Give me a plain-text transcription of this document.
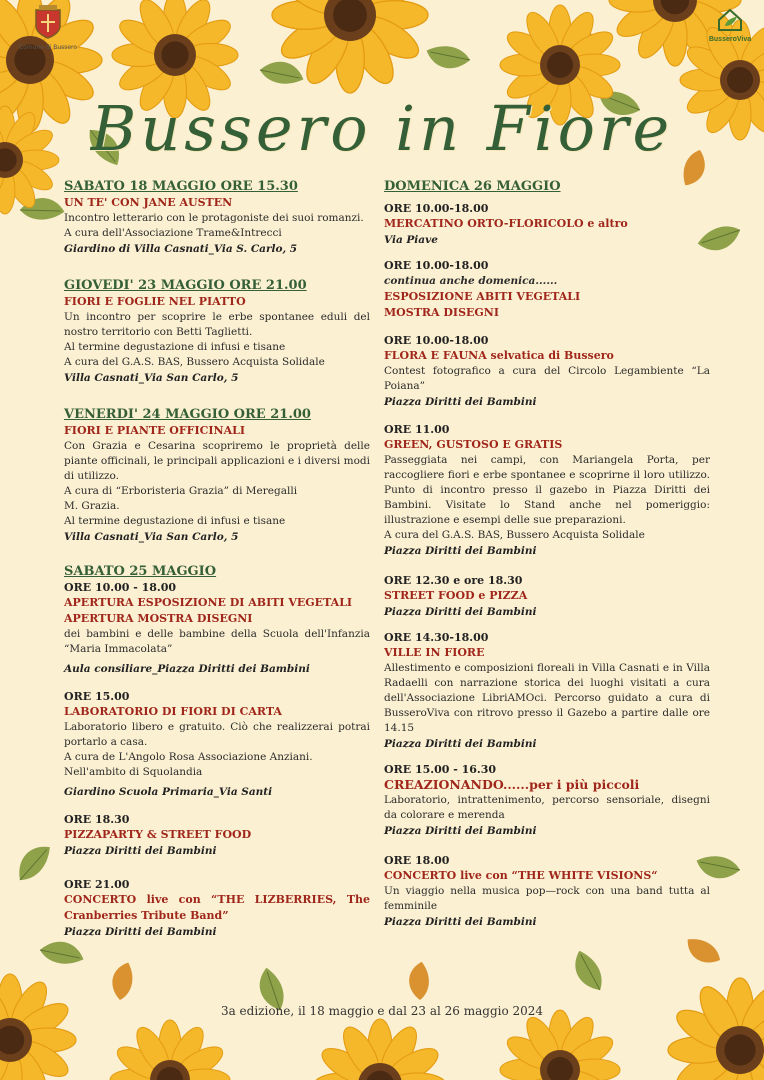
Comune di Bussero
BusseroViva
Bussero in Fiore

SABATO 18 MAGGIO ORE 15.30

UN TE' CON JANE AUSTEN

Incontro letterario con le protagoniste dei suoi romanzi.

A cura dell'Associazione Trame&Intrecci

Giardino di Villa Casnati_Via S. Carlo, 5

GIOVEDI' 23 MAGGIO ORE 21.00

FIORI E FOGLIE NEL PIATTO

Un incontro per scoprire le erbe spontanee eduli del nostro territorio con Betti Taglietti.

Al termine degustazione di infusi e tisane

A cura del G.A.S. BAS, Bussero Acquista Solidale

Villa Casnati_Via San Carlo, 5

VENERDI' 24 MAGGIO ORE 21.00

FIORI E PIANTE OFFICINALI

Con Grazia e Cesarina scopriremo le proprietà delle piante officinali, le principali applicazioni e i diversi modi di utilizzo.

A cura di “Erboristeria Grazia” di Meregalli

M. Grazia.

Al termine degustazione di infusi e tisane

Villa Casnati_Via San Carlo, 5

SABATO 25 MAGGIO

ORE 10.00 - 18.00

APERTURA ESPOSIZIONE DI ABITI VEGETALI

APERTURA MOSTRA DISEGNI

dei bambini e delle bambine della Scuola dell'Infanzia “Maria Immacolata”

Aula consiliare_Piazza Diritti dei Bambini

ORE 15.00

LABORATORIO DI FIORI DI CARTA

Laboratorio libero e gratuito. Ciò che realizzerai potrai portarlo a casa.

A cura de L'Angolo Rosa Associazione Anziani.

Nell'ambito di Squolandia

Giardino Scuola Primaria_Via Santi

ORE 18.30

PIZZAPARTY & STREET FOOD

Piazza Diritti dei Bambini

ORE 21.00

CONCERTO live con “THE LIZBERRIES, The Cranberries Tribute Band”

Piazza Diritti dei Bambini

DOMENICA 26 MAGGIO

ORE 10.00-18.00

MERCATINO ORTO-FLORICOLO e altro

Via Piave

ORE 10.00-18.00

continua anche domenica......

ESPOSIZIONE ABITI VEGETALI

MOSTRA DISEGNI

ORE 10.00-18.00

FLORA E FAUNA selvatica di Bussero

Contest fotografico a cura del Circolo Legambiente “La Poiana”

Piazza Diritti dei Bambini

ORE 11.00

GREEN, GUSTOSO E GRATIS

Passeggiata nei campi, con Mariangela Porta, per raccogliere fiori e erbe spontanee e scoprirne il loro utilizzo. Punto di incontro presso il gazebo in Piazza Diritti dei Bambini. Visitate lo Stand anche nel pomeriggio: illustrazione e esempi delle sue preparazioni.

A cura del G.A.S. BAS, Bussero Acquista Solidale

Piazza Diritti dei Bambini

ORE 12.30 e ore 18.30

STREET FOOD e PIZZA

Piazza Diritti dei Bambini

ORE 14.30-18.00

VILLE IN FIORE

Allestimento e composizioni floreali in Villa Casnati e in Villa Radaelli con narrazione storica dei luoghi visitati a cura dell'Associazione LibriAMOci. Percorso guidato a cura di BusseroViva con ritrovo presso il Gazebo a partire dalle ore 14.15

Piazza Diritti dei Bambini

ORE 15.00 - 16.30

CREAZIONANDO......per i più piccoli

Laboratorio, intrattenimento, percorso sensoriale, disegni da colorare e merenda

Piazza Diritti dei Bambini

ORE 18.00

CONCERTO live con “THE WHITE VISIONS“

Un viaggio nella musica pop—rock con una band tutta al femminile

Piazza Diritti dei Bambini

3a edizione, il 18 maggio e dal 23 al 26 maggio 2024
